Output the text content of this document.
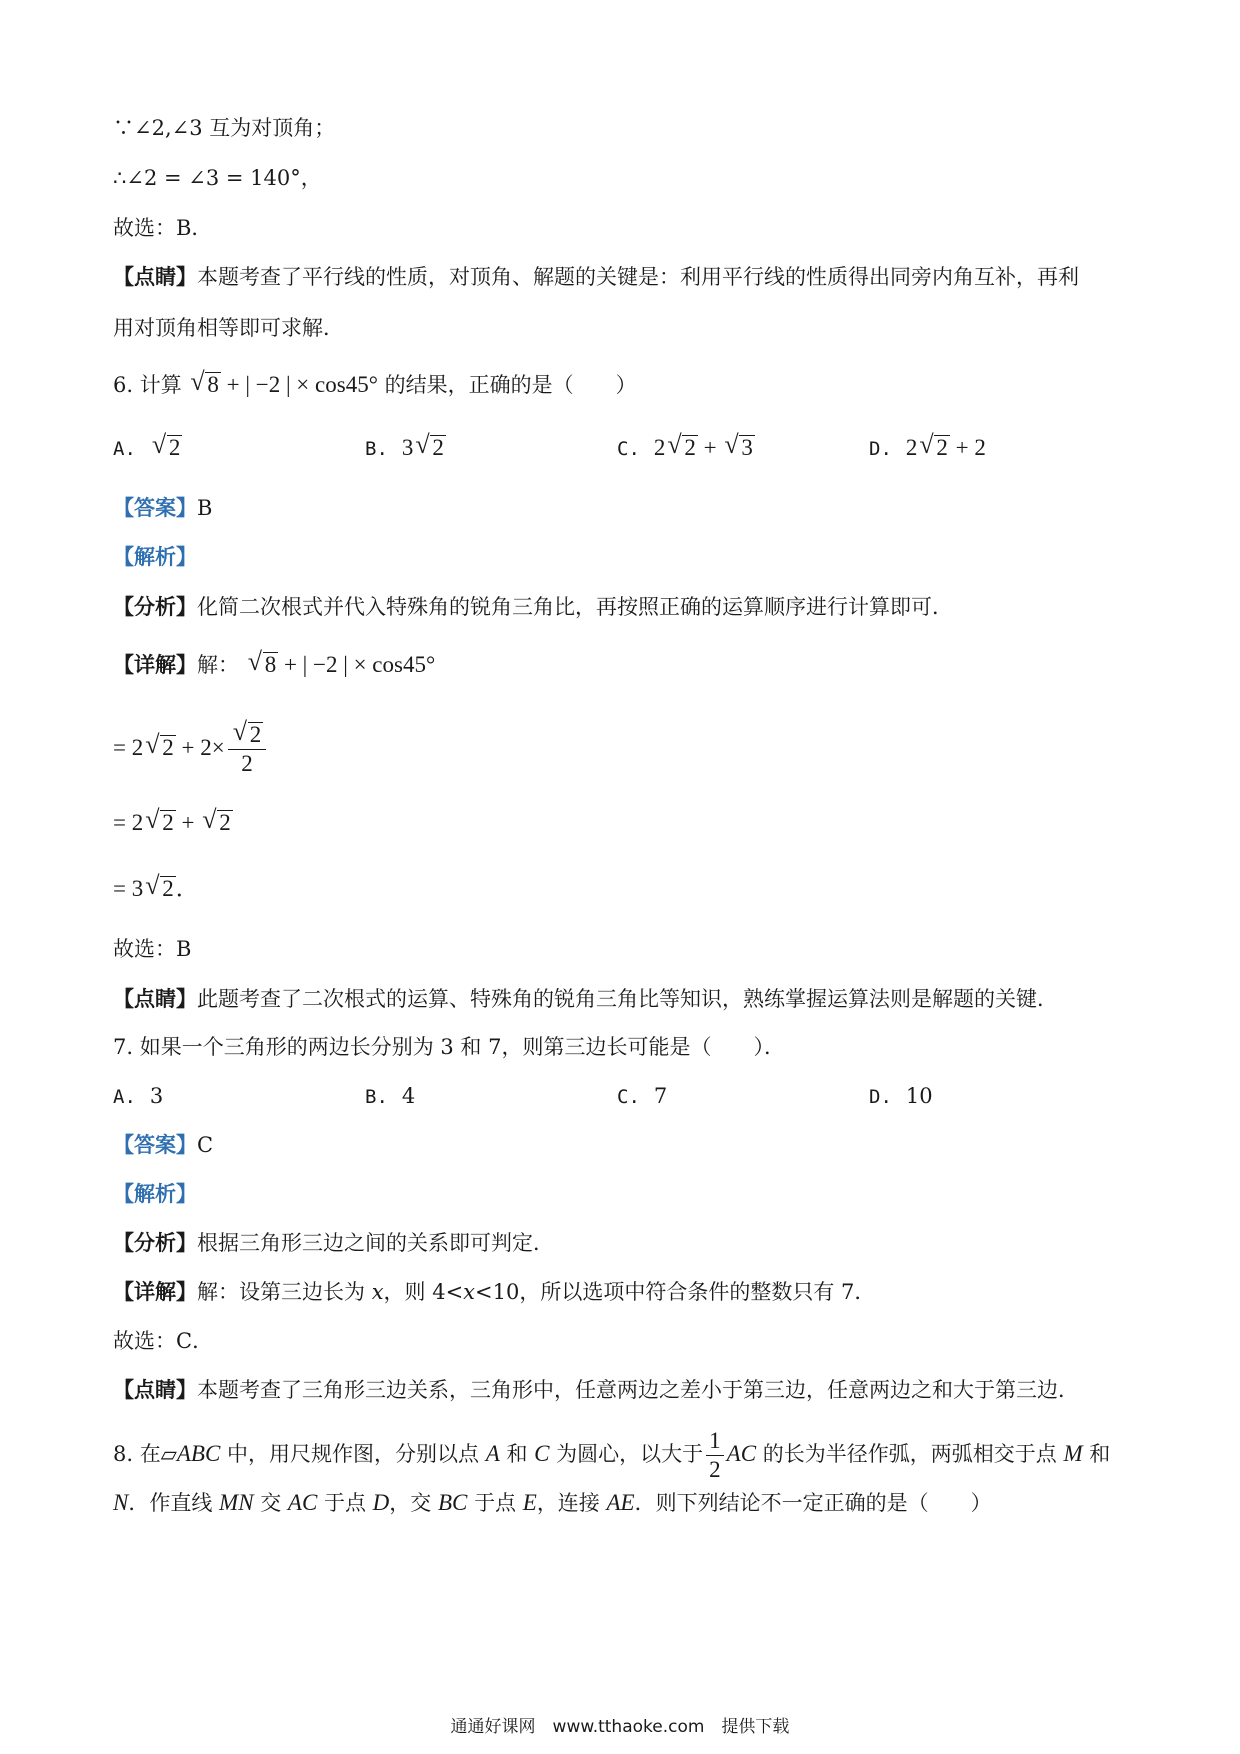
∵∠2,∠3 互为对顶角；
∴∠2 = ∠3 = 140°，
故选：B．
【点睛】本题考查了平行线的性质，对顶角、解题的关键是：利用平行线的性质得出同旁内角互补，再利
用对顶角相等即可求解．
6. 计算 √ 8 + | −2 | × cos45° 的结果，正确的是（　　）
A. √ 2	B. 3 √ 2	C. 2 √ 2 + √ 3	D. 2 √ 2 + 2
【答案】B
【解析】
【分析】化简二次根式并代入特殊角的锐角三角比，再按照正确的运算顺序进行计算即可．
【详解】解： √ 8 + | −2 | × cos45°
= 2 √ $2 + 2\times \frac{√ 2}{2}$
= 2 √ 2 + √ 2
= 3 √ 2．
故选：B
【点睛】此题考查了二次根式的运算、特殊角的锐角三角比等知识，熟练掌握运算法则是解题的关键．
7. 如果一个三角形的两边长分别为 3 和 7，则第三边长可能是（　　）．
A. 3	B. 4	C. 7	D. 10
【答案】C
【解析】
【分析】根据三角形三边之间的关系即可判定．
【详解】解：设第三边长为 x，则 4<x<10，所以选项中符合条件的整数只有 7．
故选：C．
【点睛】本题考查了三角形三边关系，三角形中，任意两边之差小于第三边，任意两边之和大于第三边．
8. 在▱ABC 中，用尺规作图，分别以点 A 和 C 为圆心，以大于 $\frac{1}{2}$ AC 的长为半径作弧，两弧相交于点 M 和
N．作直线 MN 交 AC 于点 D，交 BC 于点 E，连接 AE．则下列结论不一定正确的是（　　）
通通好课网　www.tthaoke.com　提供下载
